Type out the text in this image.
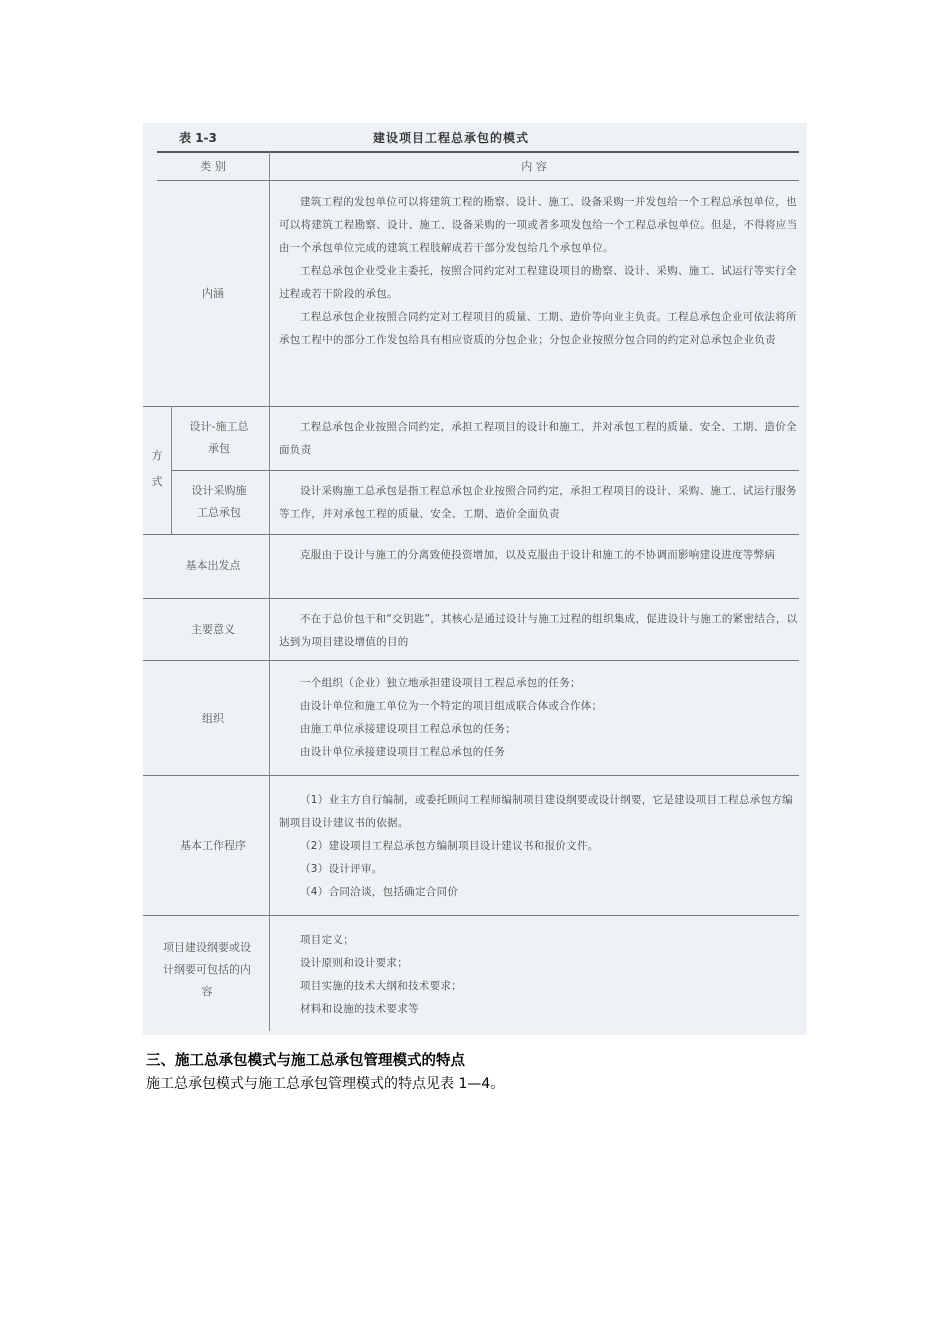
表 1-3	建设项目工程总承包的模式
类 别	内 容
内涵

建筑工程的发包单位可以将建筑工程的勘察、设计、施工、设备采购一并发包给一个工程总承包单位，也可以将建筑工程勘察、设计、施工、设备采购的一项或者多项发包给一个工程总承包单位。但是，不得将应当由一个承包单位完成的建筑工程肢解成若干部分发包给几个承包单位。

工程总承包企业受业主委托，按照合同约定对工程建设项目的勘察、设计、采购、施工、试运行等实行全过程或若干阶段的承包。

工程总承包企业按照合同约定对工程项目的质量、工期、造价等向业主负责。工程总承包企业可依法将所承包工程中的部分工作发包给具有相应资质的分包企业；分包企业按照分包合同的约定对总承包企业负责

方式
设计-施工总承包

工程总承包企业按照合同约定，承担工程项目的设计和施工，并对承包工程的质量、安全、工期、造价全面负责

设计采购施工总承包

设计采购施工总承包是指工程总承包企业按照合同约定，承担工程项目的设计、采购、施工、试运行服务等工作，并对承包工程的质量、安全、工期、造价全面负责

基本出发点

克服由于设计与施工的分离致使投资增加，以及克服由于设计和施工的不协调而影响建设进度等弊病

主要意义

不在于总价包干和“交钥匙”，其核心是通过设计与施工过程的组织集成，促进设计与施工的紧密结合，以达到为项目建设增值的目的

组织

一个组织（企业）独立地承担建设项目工程总承包的任务；

由设计单位和施工单位为一个特定的项目组成联合体或合作体；

由施工单位承接建设项目工程总承包的任务；

由设计单位承接建设项目工程总承包的任务

基本工作程序

（1）业主方自行编制，或委托顾问工程师编制项目建设纲要或设计纲要，它是建设项目工程总承包方编制项目设计建议书的依据。

（2）建设项目工程总承包方编制项目设计建议书和报价文件。

（3）设计评审。

（4）合同洽谈，包括确定合同价

项目建设纲要或设计纲要可包括的内容

项目定义；

设计原则和设计要求；

项目实施的技术大纲和技术要求；

材料和设施的技术要求等

三、施工总承包模式与施工总承包管理模式的特点
施工总承包模式与施工总承包管理模式的特点见表 1—4。
